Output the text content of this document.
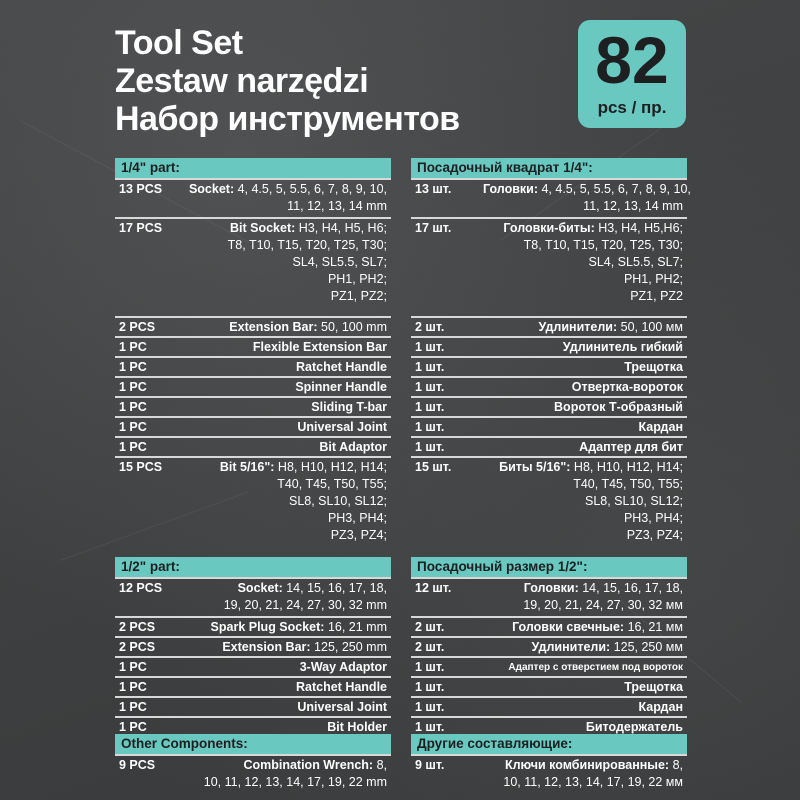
Tool Set
Zestaw narzędzi
Набор инструментов
82
pcs / пр.
1/4" part:
1/2" part:
Other Components:
13 PCS Socket: 4, 4.5, 5, 5.5, 6, 7, 8, 9, 10,
11, 12, 13, 14 mm
17 PCS	Bit Socket: H3, H4, H5, H6;
T8, T10, T15, T20, T25, T30;
SL4, SL5.5, SL7;
PH1, PH2;
PZ1, PZ2;
2 PCS	Extension Bar: 50, 100 mm
1 PC	Flexible Extension Bar
1 PC	Ratchet Handle
1 PC	Spinner Handle
1 PC	Sliding T-bar
1 PC	Universal Joint
1 PC	Bit Adaptor
15 PCS	Bit 5/16": H8, H10, H12, H14;
T40, T45, T50, T55;
SL8, SL10, SL12;
PH3, PH4;
PZ3, PZ4;
12 PCS	Socket: 14, 15, 16, 17, 18,
19, 20, 21, 24, 27, 30, 32 mm
2 PCS	Spark Plug Socket: 16, 21 mm
2 PCS	Extension Bar: 125, 250 mm
1 PC	3-Way Adaptor
1 PC	Ratchet Handle
1 PC	Universal Joint
1 PC	Bit Holder
9 PCS	Combination Wrench: 8,
10, 11, 12, 13, 14, 17, 19, 22 mm
Посадочный квадрат 1/4":
Посадочный размер 1/2":
Другие составляющие:
13 шт.	Головки: 4, 4.5, 5, 5.5, 6, 7, 8, 9, 10,
11, 12, 13, 14 mm
17 шт.	Головки-биты: H3, H4, H5,H6;
T8, T10, T15, T20, T25, T30;
SL4, SL5.5, SL7;
PH1, PH2;
PZ1, PZ2
2 шт.	Удлинители: 50, 100 мм
1 шт.	Удлинитель гибкий
1 шт.	Трещотка
1 шт.	Отвертка-вороток
1 шт.	Вороток Т-образный
1 шт.	Кардан
1 шт.	Адаптер для бит
15 шт.	Биты 5/16": H8, H10, H12, H14;
T40, T45, T50, T55;
SL8, SL10, SL12;
PH3, PH4;
PZ3, PZ4;
12 шт.	Головки: 14, 15, 16, 17, 18,
19, 20, 21, 24, 27, 30, 32 мм
2 шт.	Головки свечные: 16, 21 мм
2 шт.	Удлинители: 125, 250 мм
1 шт.	Адаптер с отверстием под вороток
1 шт.	Трещотка
1 шт.	Кардан
1 шт.	Битодержатель
9 шт.	Ключи комбинированные: 8,
10, 11, 12, 13, 14, 17, 19, 22 мм
